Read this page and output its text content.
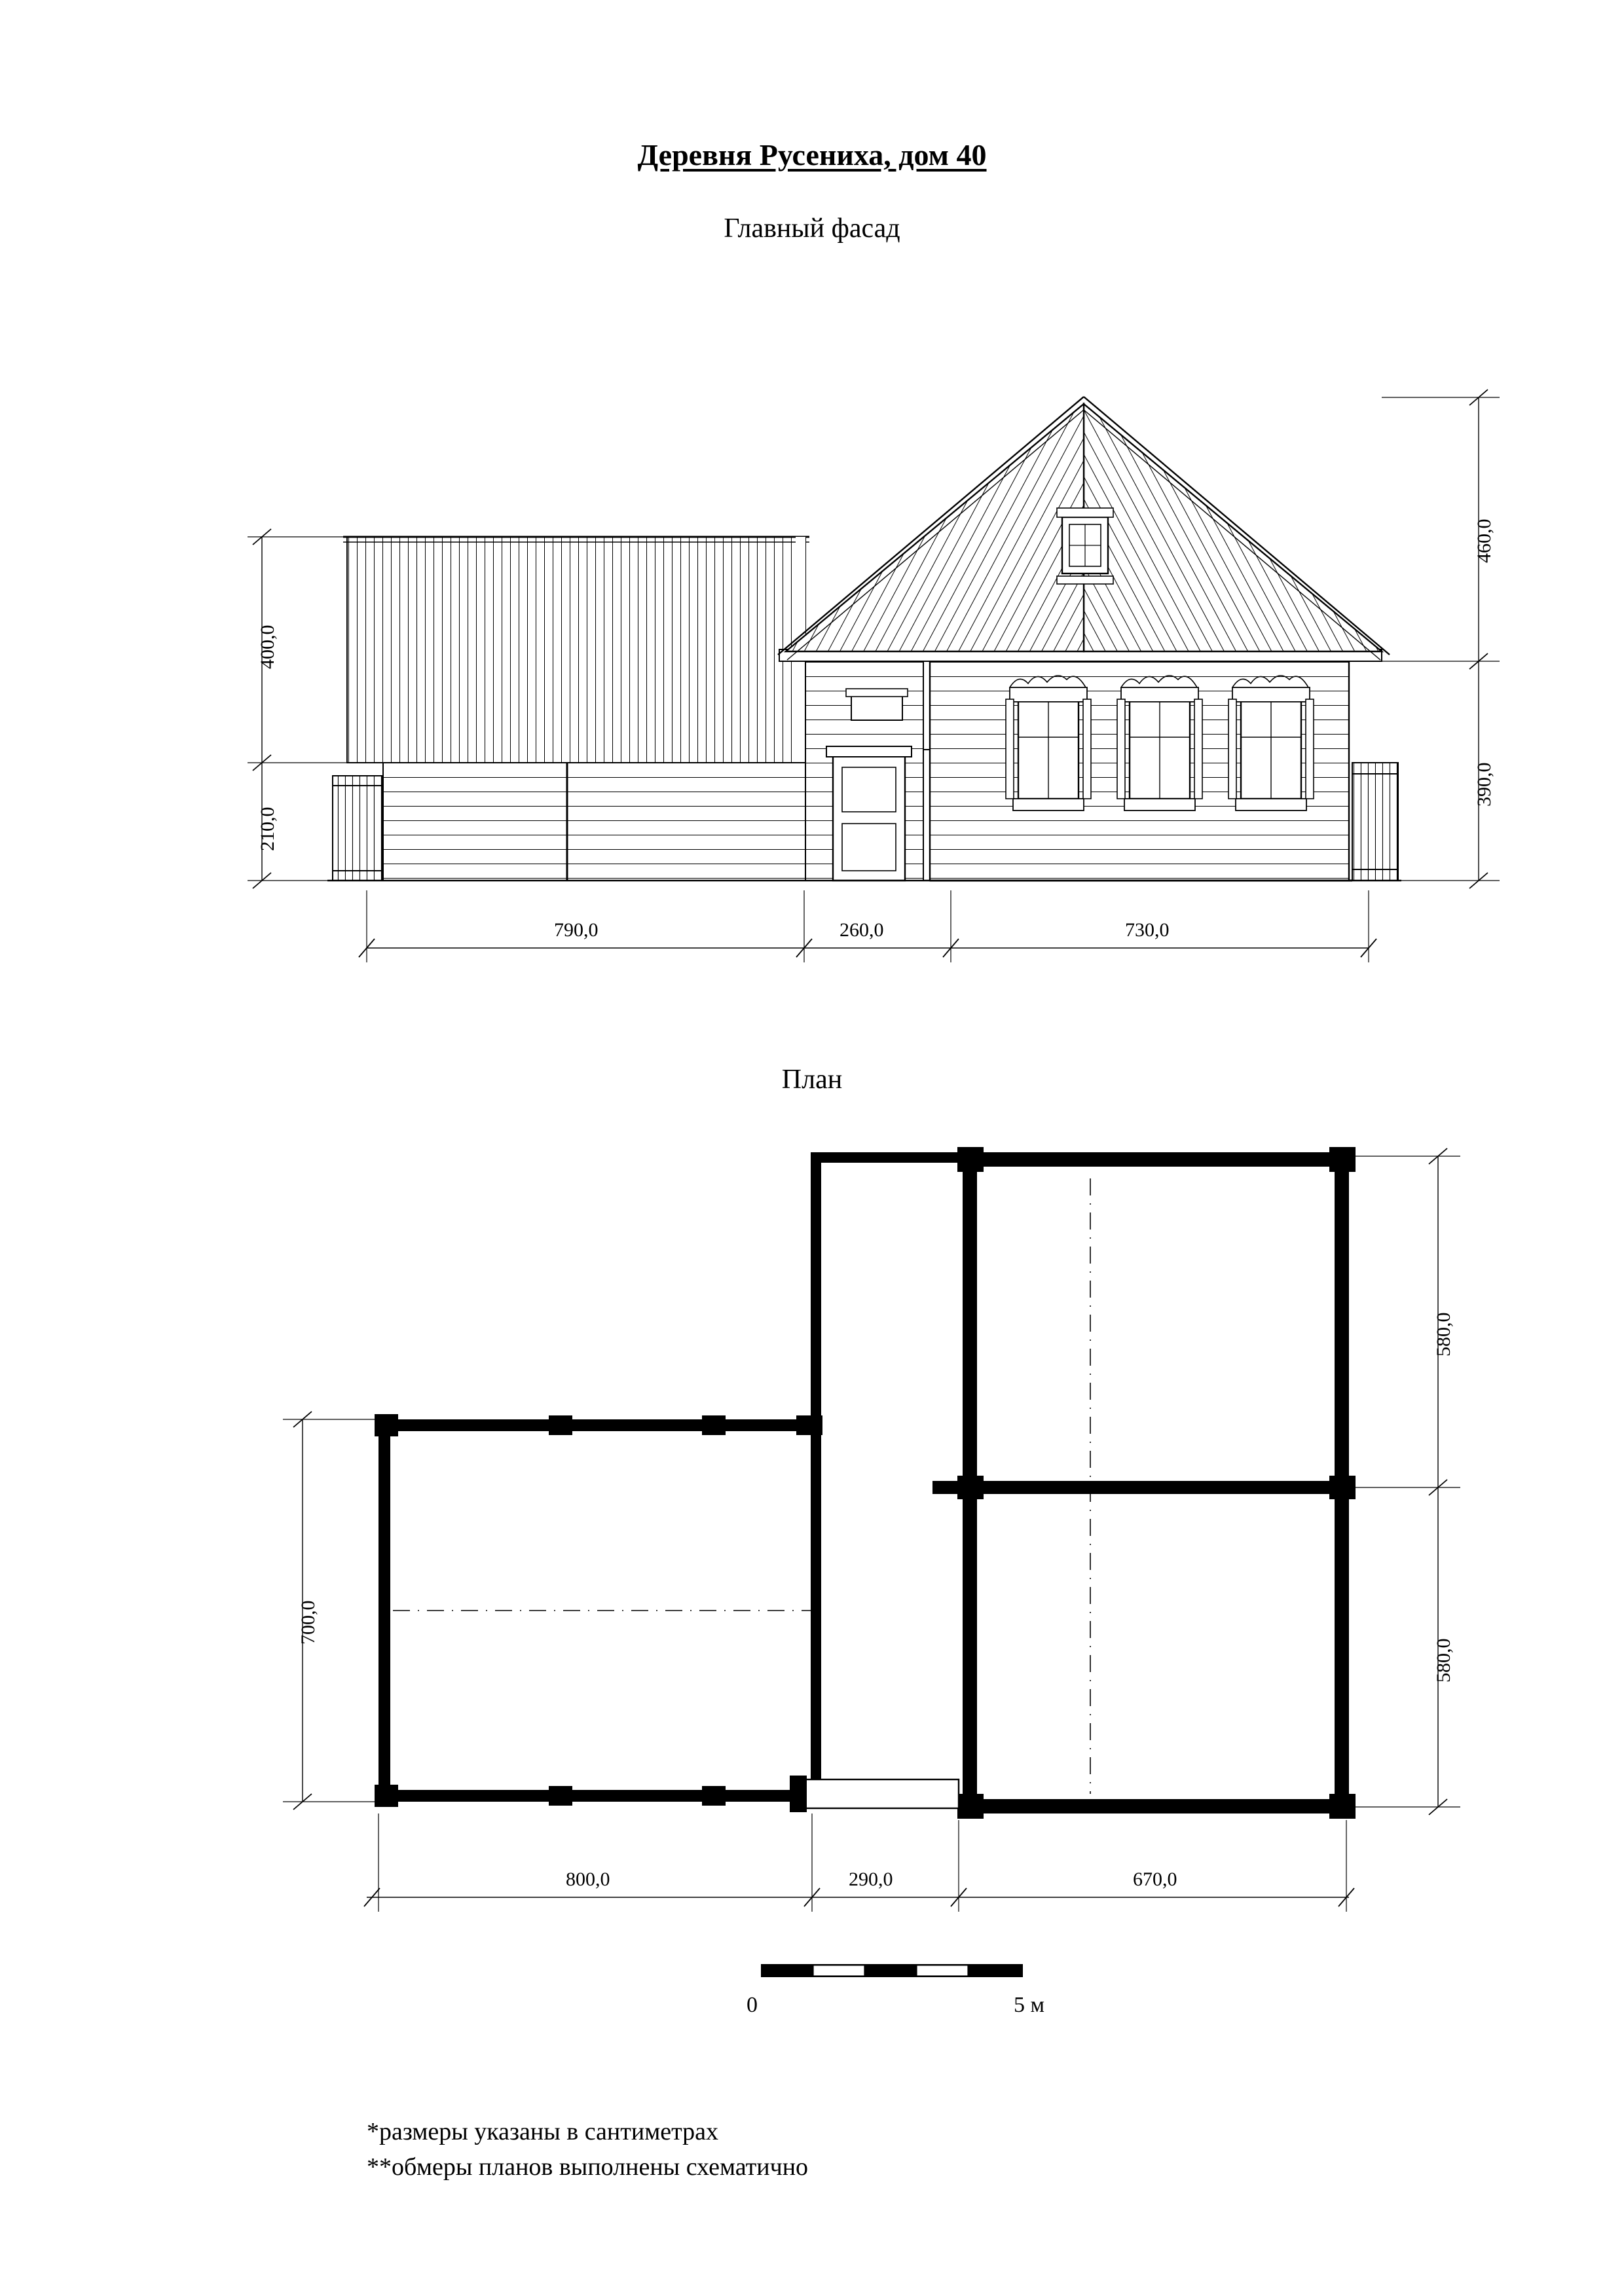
Деревня Русениха, дом 40
Главный фасад
План
400,0
210,0
460,0
390,0
790,0	260,0	730,0
700,0
580,0
580,0
800,0	290,0	670,0
0	5 м
*размеры указаны в сантиметрах
**обмеры планов выполнены схематично
